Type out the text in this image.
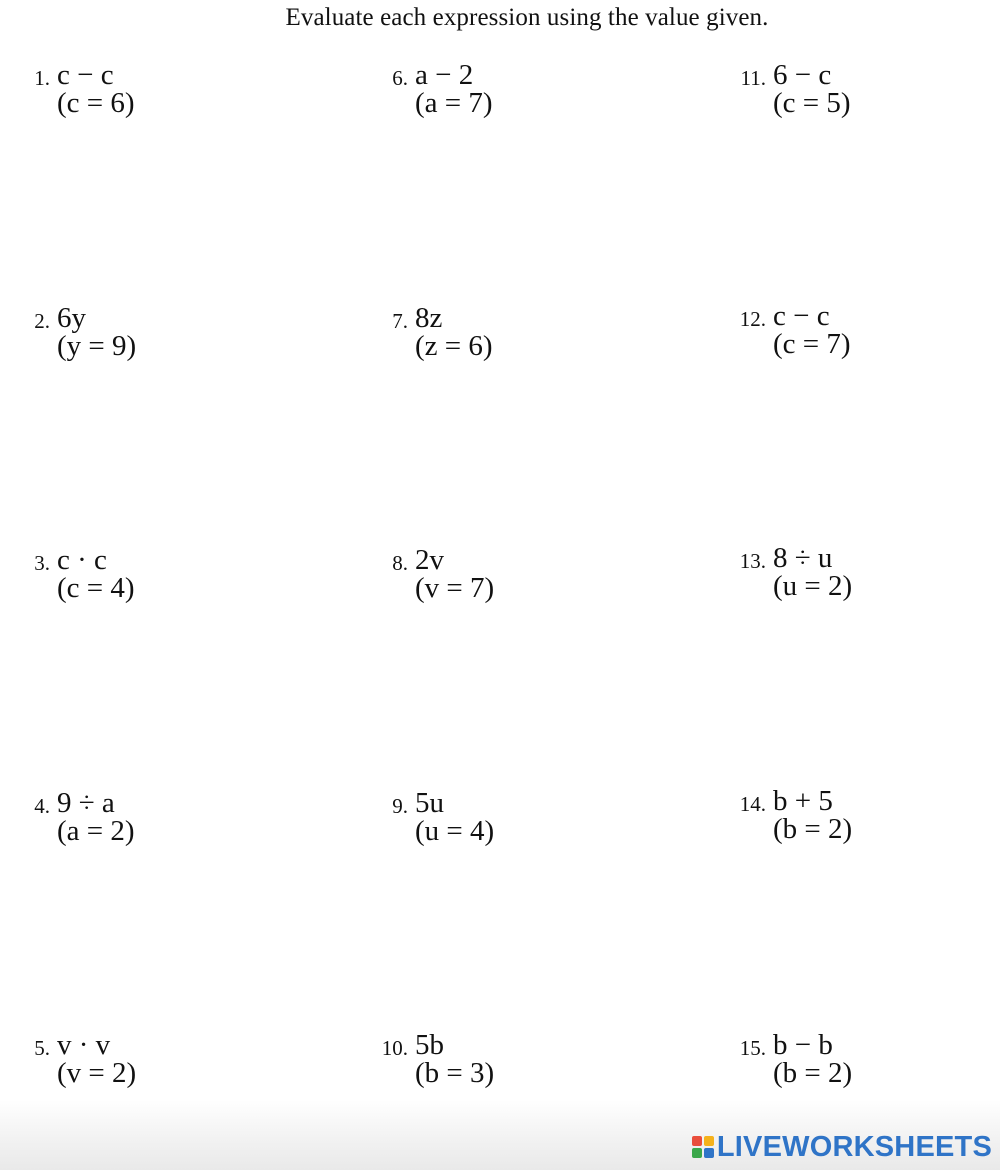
Evaluate each expression using the value given.
1. c − c
(c = 6)
2. 6y
(y = 9)
3. c · c
(c = 4)
4. 9 ÷ a
(a = 2)
5. v · v
(v = 2)
6. a − 2
(a = 7)
7. 8z
(z = 6)
8. 2v
(v = 7)
9. 5u
(u = 4)
10. 5b
(b = 3)
11. 6 − c
(c = 5)
12. c − c
(c = 7)
13. 8 ÷ u
(u = 2)
14. b + 5
(b = 2)
15. b − b
(b = 2)
LIVEWORKSHEETS
